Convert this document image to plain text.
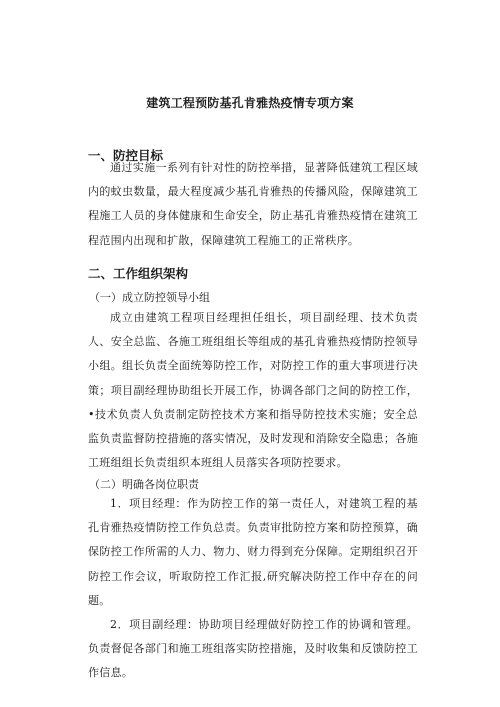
建筑工程预防基孔肯雅热疫情专项方案
一、防控目标

通过实施一系列有针对性的防控举措，显著降低建筑工程区域内的蚊虫数量，最大程度减少基孔肯雅热的传播风险，保障建筑工程施工人员的身体健康和生命安全，防止基孔肯雅热疫情在建筑工程范围内出现和扩散，保障建筑工程施工的正常秩序。

二、工作组织架构
（一）成立防控领导小组

成立由建筑工程项目经理担任组长，项目副经理、技术负责人、安全总监、各施工班组组长等组成的基孔肯雅热疫情防控领导小组。组长负责全面统筹防控工作，对防控工作的重大事项进行决策；项目副经理协助组长开展工作，协调各部门之间的防控工作，•技术负责人负责制定防控技术方案和指导防控技术实施；安全总监负责监督防控措施的落实情况，及时发现和消除安全隐患；各施工班组组长负责组织本班组人员落实各项防控要求。

（二）明确各岗位职责

1．项目经理：作为防控工作的第一责任人，对建筑工程的基孔肯雅热疫情防控工作负总责。负责审批防控方案和防控预算，确保防控工作所需的人力、物力、财力得到充分保障。定期组织召开防控工作会议，听取防控工作汇报,研究解决防控工作中存在的问题。

2．项目副经理：协助项目经理做好防控工作的协调和管理。负责督促各部门和施工班组落实防控措施，及时收集和反馈防控工作信息。
